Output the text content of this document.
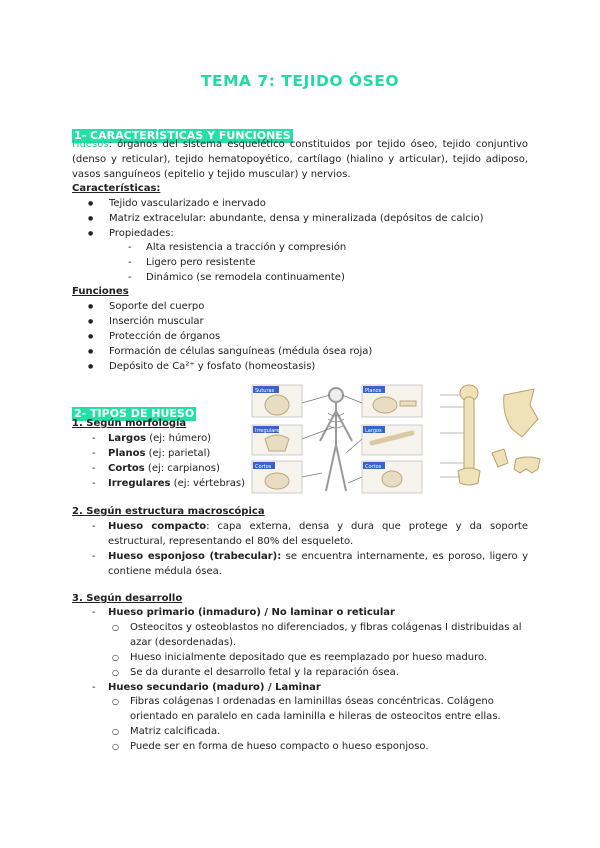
TEMA 7: TEJIDO ÓSEO
1- CARACTERÍSTICAS Y FUNCIONES
Huesos: órganos del sistema esquelético constituidos por tejido óseo, tejido conjuntivo (denso y reticular), tejido hematopoyético, cartílago (hialino y articular), tejido adiposo, vasos sanguíneos (epitelio y tejido muscular) y nervios.
Características:
● Tejido vascularizado e inervado
● Matriz extracelular: abundante, densa y mineralizada (depósitos de calcio)
● Propiedades:
- Alta resistencia a tracción y compresión
- Ligero pero resistente
- Dinámico (se remodela continuamente)
Funciones
● Soporte del cuerpo
● Inserción muscular
● Protección de órganos
● Formación de células sanguíneas (médula ósea roja)
● Depósito de Ca²⁺ y fosfato (homeostasis)
2- TIPOS DE HUESO
1. Según morfología
- Largos (ej: húmero)
- Planos (ej: parietal)
- Cortos (ej: carpianos)
- Irregulares (ej: vértebras)
Suturas	Planos
Irregulares	Largos
Cortos	Cortos
2. Según estructura macroscópica
- Hueso compacto: capa externa, densa y dura que protege y da soporte estructural, representando el 80% del esqueleto.
- Hueso esponjoso (trabecular): se encuentra internamente, es poroso, ligero y contiene médula ósea.
3. Según desarrollo
- Hueso primario (inmaduro) / No laminar o reticular
○ Osteocitos y osteoblastos no diferenciados, y fibras colágenas I distribuidas al azar (desordenadas).
○ Hueso inicialmente depositado que es reemplazado por hueso maduro.
○ Se da durante el desarrollo fetal y la reparación ósea.
- Hueso secundario (maduro) / Laminar
○ Fibras colágenas I ordenadas en laminillas óseas concéntricas. Colágeno orientado en paralelo en cada laminilla e hileras de osteocitos entre ellas.
○ Matriz calcificada.
○ Puede ser en forma de hueso compacto o hueso esponjoso.
